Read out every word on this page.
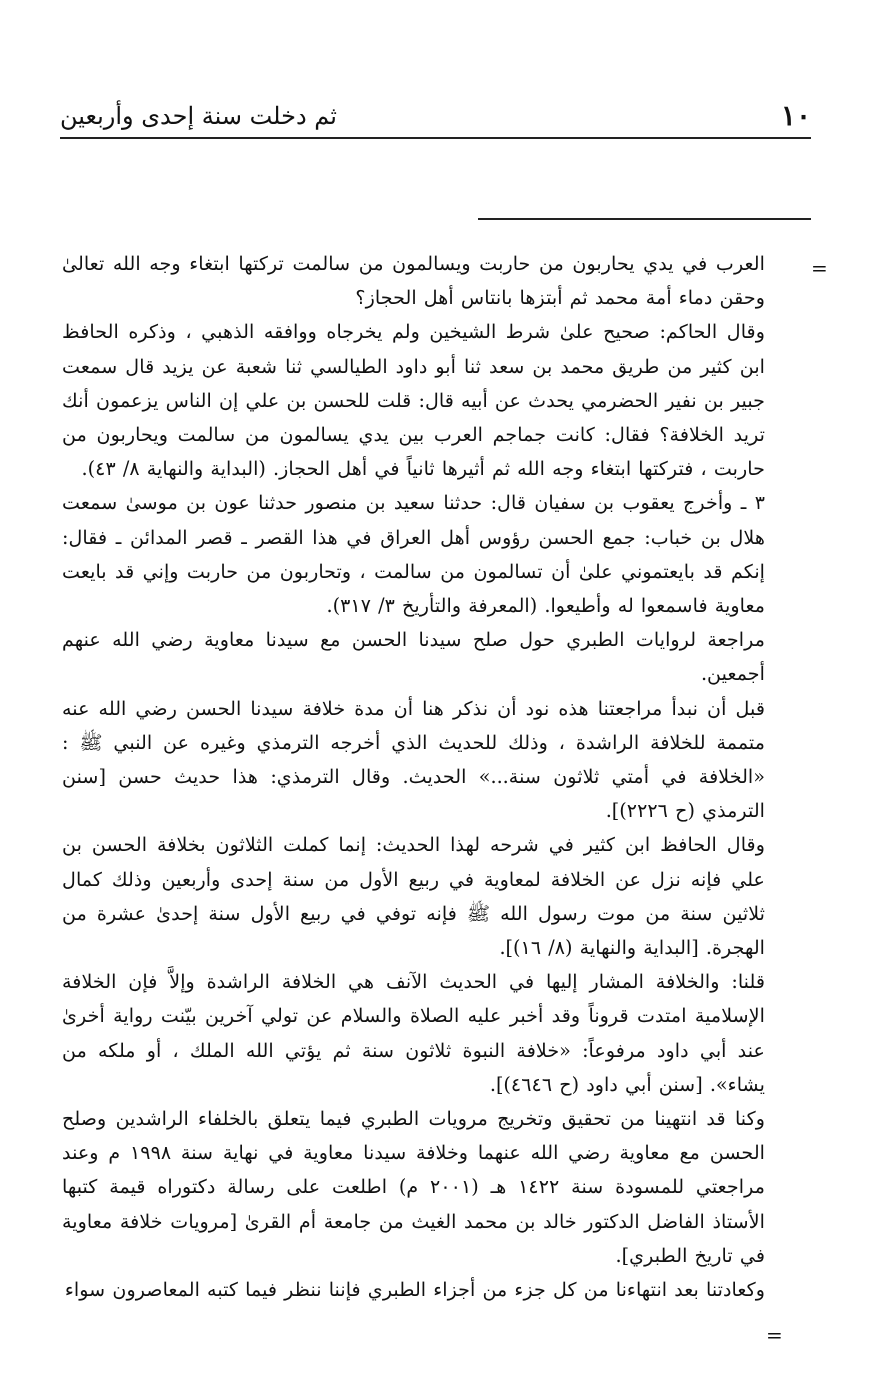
١٠
ثم دخلت سنة إحدى وأربعين
=
=

العرب في يدي يحاربون من حاربت ويسالمون من سالمت تركتها ابتغاء وجه الله تعالىٰ وحقن دماء أمة محمد ثم أبتزها بانتاس أهل الحجاز؟

وقال الحاكم: صحيح علىٰ شرط الشيخين ولم يخرجاه ووافقه الذهبي ، وذكره الحافظ ابن كثير من طريق محمد بن سعد ثنا أبو داود الطيالسي ثنا شعبة عن يزيد قال سمعت جبير بن نفير الحضرمي يحدث عن أبيه قال: قلت للحسن بن علي إن الناس يزعمون أنك تريد الخلافة؟ فقال: كانت جماجم العرب بين يدي يسالمون من سالمت ويحاربون من حاربت ، فتركتها ابتغاء وجه الله ثم أثيرها ثانياً في أهل الحجاز. (البداية والنهاية ٨/ ٤٣).

٣ ـ وأخرج يعقوب بن سفيان قال: حدثنا سعيد بن منصور حدثنا عون بن موسىٰ سمعت هلال بن خباب: جمع الحسن رؤوس أهل العراق في هذا القصر ـ قصر المدائن ـ فقال: إنكم قد بايعتموني علىٰ أن تسالمون من سالمت ، وتحاربون من حاربت وإني قد بايعت معاوية فاسمعوا له وأطيعوا. (المعرفة والتأريخ ٣/ ٣١٧).

مراجعة لروايات الطبري حول صلح سيدنا الحسن مع سيدنا معاوية رضي الله عنهم أجمعين.

قبل أن نبدأ مراجعتنا هذه نود أن نذكر هنا أن مدة خلافة سيدنا الحسن رضي الله عنه متممة للخلافة الراشدة ، وذلك للحديث الذي أخرجه الترمذي وغيره عن النبي ﷺ : «الخلافة في أمتي ثلاثون سنة...» الحديث. وقال الترمذي: هذا حديث حسن [سنن الترمذي (ح ٢٢٢٦)].

وقال الحافظ ابن كثير في شرحه لهذا الحديث: إنما كملت الثلاثون بخلافة الحسن بن علي فإنه نزل عن الخلافة لمعاوية في ربيع الأول من سنة إحدى وأربعين وذلك كمال ثلاثين سنة من موت رسول الله ﷺ فإنه توفي في ربيع الأول سنة إحدىٰ عشرة من الهجرة. [البداية والنهاية (٨/ ١٦)].

قلنا: والخلافة المشار إليها في الحديث الآنف هي الخلافة الراشدة وإلاَّ فإن الخلافة الإسلامية امتدت قروناً وقد أخبر عليه الصلاة والسلام عن تولي آخرين بيّنت رواية أخرىٰ عند أبي داود مرفوعاً: «خلافة النبوة ثلاثون سنة ثم يؤتي الله الملك ، أو ملكه من يشاء». [سنن أبي داود (ح ٤٦٤٦)].

وكنا قد انتهينا من تحقيق وتخريج مرويات الطبري فيما يتعلق بالخلفاء الراشدين وصلح الحسن مع معاوية رضي الله عنهما وخلافة سيدنا معاوية في نهاية سنة ١٩٩٨ م وعند مراجعتي للمسودة سنة ١٤٢٢ هـ (٢٠٠١ م) اطلعت على رسالة دكتوراه قيمة كتبها الأستاذ الفاضل الدكتور خالد بن محمد الغيث من جامعة أم القرىٰ [مرويات خلافة معاوية في تاريخ الطبري].

وكعادتنا بعد انتهاءنا من كل جزء من أجزاء الطبري فإننا ننظر فيما كتبه المعاصرون سواء
